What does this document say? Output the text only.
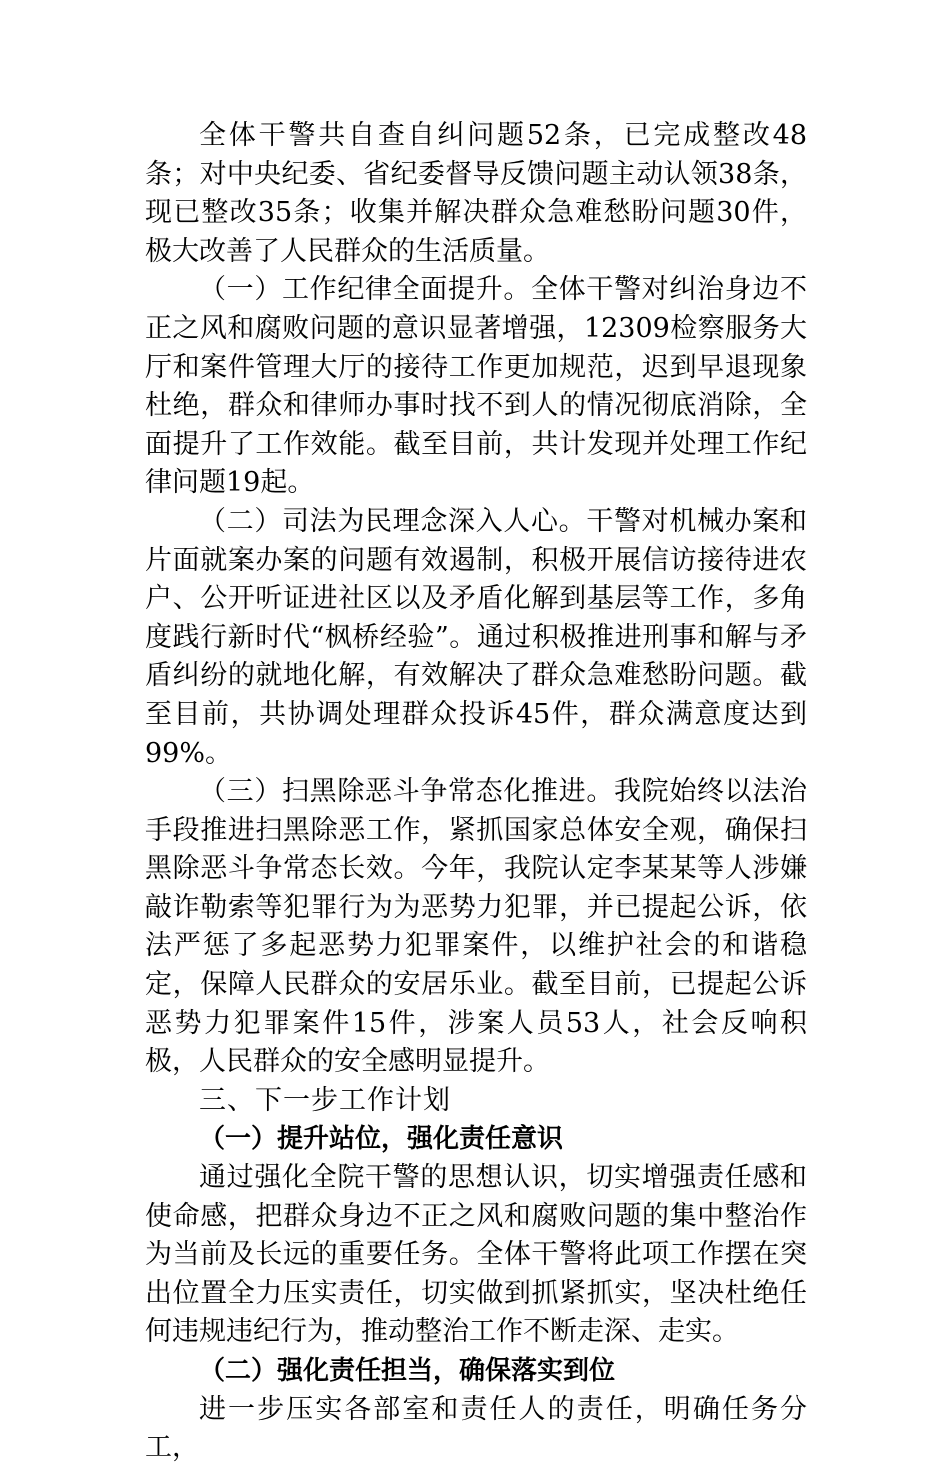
全体干警共自查自纠问题52条，已完成整改48条；对中央纪委、省纪委督导反馈问题主动认领38条，现已整改35条；收集并解决群众急难愁盼问题30件，极大改善了人民群众的生活质量。

（一）工作纪律全面提升。全体干警对纠治身边不正之风和腐败问题的意识显著增强，12309检察服务大厅和案件管理大厅的接待工作更加规范，迟到早退现象杜绝，群众和律师办事时找不到人的情况彻底消除，全面提升了工作效能。截至目前，共计发现并处理工作纪律问题19起。

（二）司法为民理念深入人心。干警对机械办案和片面就案办案的问题有效遏制，积极开展信访接待进农户、公开听证进社区以及矛盾化解到基层等工作，多角度践行新时代“枫桥经验”。通过积极推进刑事和解与矛盾纠纷的就地化解，有效解决了群众急难愁盼问题。截至目前，共协调处理群众投诉45件，群众满意度达到99%。

（三）扫黑除恶斗争常态化推进。我院始终以法治手段推进扫黑除恶工作，紧抓国家总体安全观，确保扫黑除恶斗争常态长效。今年，我院认定李某某等人涉嫌敲诈勒索等犯罪行为为恶势力犯罪，并已提起公诉，依法严惩了多起恶势力犯罪案件，以维护社会的和谐稳定，保障人民群众的安居乐业。截至目前，已提起公诉恶势力犯罪案件15件，涉案人员53人，社会反响积极，人民群众的安全感明显提升。

三、下一步工作计划

（一）提升站位，强化责任意识

通过强化全院干警的思想认识，切实增强责任感和使命感，把群众身边不正之风和腐败问题的集中整治作为当前及长远的重要任务。全体干警将此项工作摆在突出位置全力压实责任，切实做到抓紧抓实，坚决杜绝任何违规违纪行为，推动整治工作不断走深、走实。

（二）强化责任担当，确保落实到位

进一步压实各部室和责任人的责任，明确任务分工，
